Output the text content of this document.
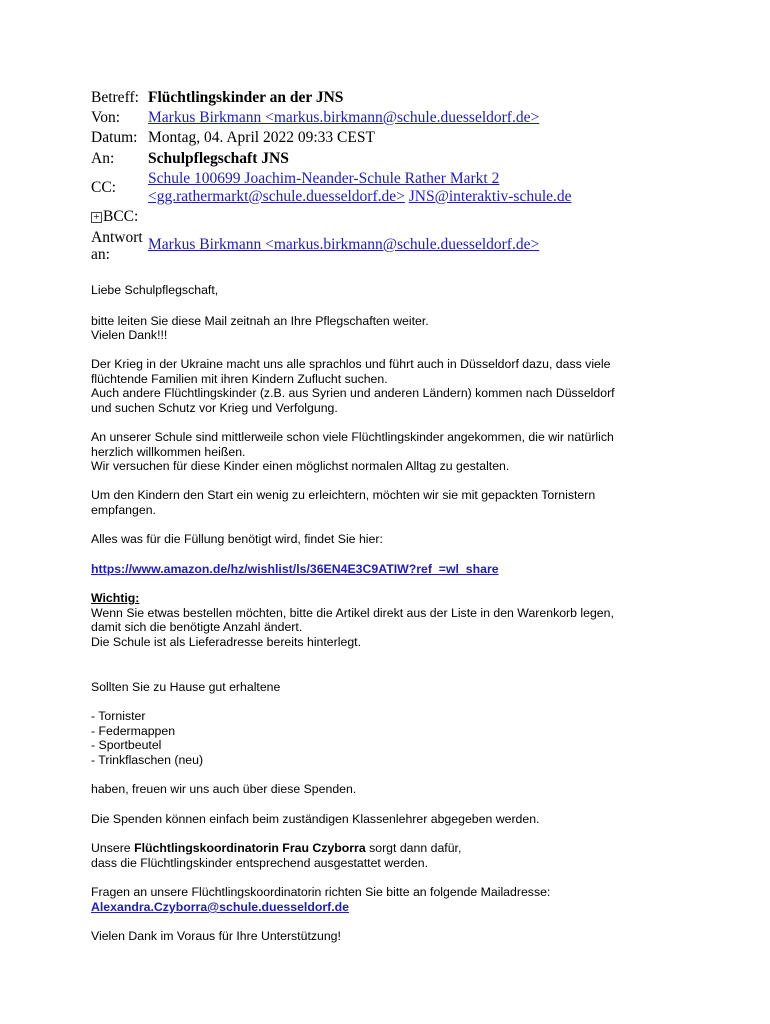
Betreff: Flüchtlingskinder an der JNS
Von: Markus Birkmann <markus.birkmann@schule.duesseldorf.de>
Datum: Montag, 04. April 2022 09:33 CEST
An: Schulpflegschaft JNS
CC:
Schule 100699 Joachim-Neander-Schule Rather Markt 2
<gg.rathermarkt@schule.duesseldorf.de> JNS@interaktiv-schule.de
+ BCC:
Antwort
an:
Markus Birkmann <markus.birkmann@schule.duesseldorf.de>
Liebe Schulpflegschaft,
bitte leiten Sie diese Mail zeitnah an Ihre Pflegschaften weiter.
Vielen Dank!!!
Der Krieg in der Ukraine macht uns alle sprachlos und führt auch in Düsseldorf dazu, dass viele
flüchtende Familien mit ihren Kindern Zuflucht suchen.
Auch andere Flüchtlingskinder (z.B. aus Syrien und anderen Ländern) kommen nach Düsseldorf
und suchen Schutz vor Krieg und Verfolgung.
An unserer Schule sind mittlerweile schon viele Flüchtlingskinder angekommen, die wir natürlich
herzlich willkommen heißen.
Wir versuchen für diese Kinder einen möglichst normalen Alltag zu gestalten.
Um den Kindern den Start ein wenig zu erleichtern, möchten wir sie mit gepackten Tornistern
empfangen.
Alles was für die Füllung benötigt wird, findet Sie hier:
https://www.amazon.de/hz/wishlist/ls/36EN4E3C9ATIW?ref_=wl_share
Wichtig:
Wenn Sie etwas bestellen möchten, bitte die Artikel direkt aus der Liste in den Warenkorb legen,
damit sich die benötigte Anzahl ändert.
Die Schule ist als Lieferadresse bereits hinterlegt.
Sollten Sie zu Hause gut erhaltene
- Tornister
- Federmappen
- Sportbeutel
- Trinkflaschen (neu)
haben, freuen wir uns auch über diese Spenden.
Die Spenden können einfach beim zuständigen Klassenlehrer abgegeben werden.
Unsere Flüchtlingskoordinatorin Frau Czyborra sorgt dann dafür,
dass die Flüchtlingskinder entsprechend ausgestattet werden.
Fragen an unsere Flüchtlingskoordinatorin richten Sie bitte an folgende Mailadresse:
Alexandra.Czyborra@schule.duesseldorf.de
Vielen Dank im Voraus für Ihre Unterstützung!
